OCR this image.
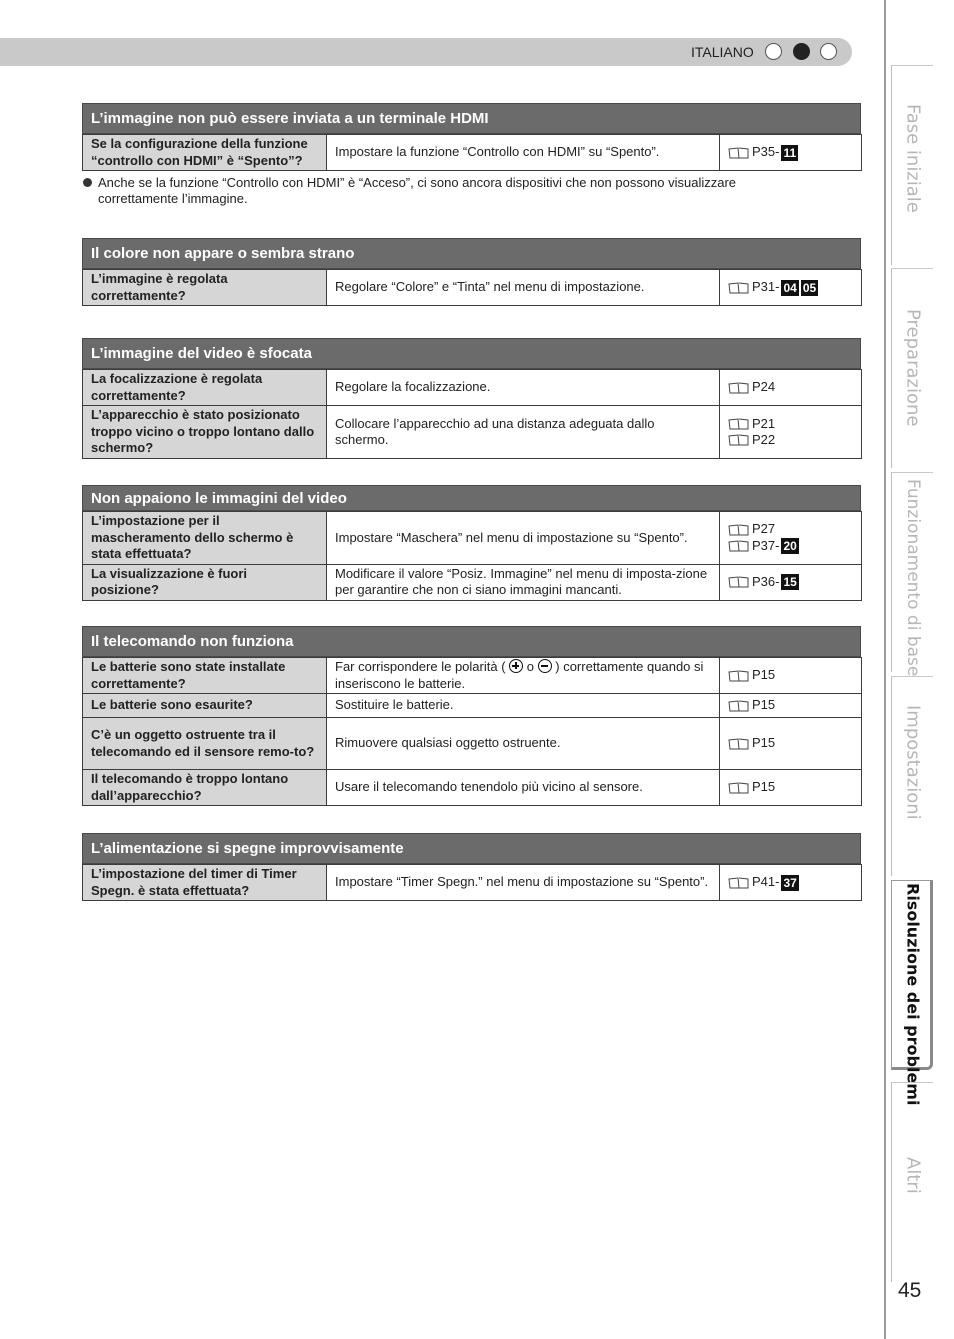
ITALIANO
Fase iniziale
Preparazione
Funzionamento di base
Impostazioni
Risoluzione dei problemi
Altri
45
L’immagine non può essere inviata a un terminale HDMI
Se la configurazione della funzione “controllo con HDMI” è “Spento”?	Impostare la funzione “Controllo con HDMI” su “Spento”.	P35- 11
Anche se la funzione “Controllo con HDMI” è “Acceso”, ci sono ancora dispositivi che non possono visualizzare correttamente l’immagine.
Il colore non appare o sembra strano
L’immagine è regolata correttamente?	Regolare “Colore” e “Tinta” nel menu di impostazione.	P31- 04 05
L’immagine del video è sfocata
La focalizzazione è regolata correttamente?	Regolare la focalizzazione.	P24

L’apparecchio è stato posizionato troppo vicino o troppo lontano dallo schermo?	Collocare l’apparecchio ad una distanza adeguata dallo schermo.	P21
P22
Non appaiono le immagini del video
L’impostazione per il mascheramento dello schermo è stata effettuata?	Impostare “Maschera” nel menu di impostazione su “Spento”.	P27
P37- 20

La visualizzazione è fuori posizione?	Modificare il valore “Posiz. Immagine” nel menu di imposta-zione per garantire che non ci siano immagini mancanti.	P36- 15
Il telecomando non funziona
Le batterie sono state installate correttamente?	Far corrispondere le polarità ( o ) correttamente quando si inseriscono le batterie.	P15

Le batterie sono esaurite?	Sostituire le batterie.	P15

C’è un oggetto ostruente tra il telecomando ed il sensore remo-to?	Rimuovere qualsiasi oggetto ostruente.	P15

Il telecomando è troppo lontano dall’apparecchio?	Usare il telecomando tenendolo più vicino al sensore.	P15
L’alimentazione si spegne improvvisamente
L’impostazione del timer di Timer Spegn. è stata effettuata?	Impostare “Timer Spegn.” nel menu di impostazione su “Spento”.	P41- 37
